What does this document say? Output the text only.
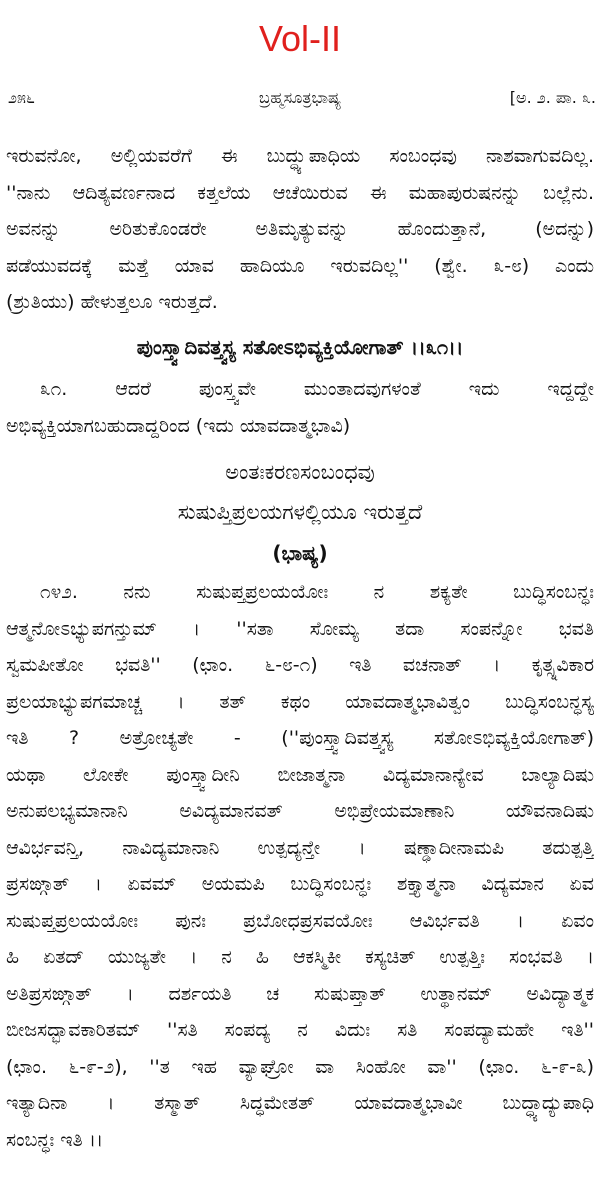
Vol-II
೨೫೬	ಬ್ರಹ್ಮಸೂತ್ರಭಾಷ್ಯ	[ಅ. ೨. ಪಾ. ೩.
ಇರುವನೋ, ಅಲ್ಲಿಯವರೆಗೆ ಈ ಬುದ್ಧ್ಯುಪಾಧಿಯ ಸಂಬಂಧವು ನಾಶವಾಗುವದಿಲ್ಲ.
''ನಾನು ಆದಿತ್ಯವರ್ಣನಾದ ಕತ್ತಲೆಯ ಆಚೆಯಿರುವ ಈ ಮಹಾಪುರುಷನನ್ನು ಬಲ್ಲೆನು.
ಅವನನ್ನು ಅರಿತುಕೊಂಡರೇ ಅತಿಮೃತ್ಯುವನ್ನು ಹೊಂದುತ್ತಾನೆ, (ಅದನ್ನು)
ಪಡೆಯುವದಕ್ಕೆ ಮತ್ತೆ ಯಾವ ಹಾದಿಯೂ ಇರುವದಿಲ್ಲ'' (ಶ್ವೇ. ೩-೮) ಎಂದು
(ಶ್ರುತಿಯು) ಹೇಳುತ್ತಲೂ ಇರುತ್ತದೆ.
ಪುಂಸ್ತ್ವಾದಿವತ್ತ್ವಸ್ಯ ಸತೋಽಭಿವ್ಯಕ್ತಿಯೋಗಾತ್ ।।೩೧।।
೩೧. ಆದರೆ ಪುಂಸ್ತ್ವವೇ ಮುಂತಾದವುಗಳಂತೆ ಇದು ಇದ್ದದ್ದೇ
ಅಭಿವ್ಯಕ್ತಿಯಾಗಬಹುದಾದ್ದರಿಂದ (ಇದು ಯಾವದಾತ್ಮಭಾವಿ)
ಅಂತಃಕರಣಸಂಬಂಧವು
ಸುಷುಪ್ತಿಪ್ರಲಯಗಳಲ್ಲಿಯೂ ಇರುತ್ತದೆ
(ಭಾಷ್ಯ)
೧೪೨. ನನು ಸುಷುಪ್ತಪ್ರಲಯಯೋಃ ನ ಶಕ್ಯತೇ ಬುದ್ಧಿಸಂಬನ್ಧಃ
ಆತ್ಮನೋಽಭ್ಯುಪಗನ್ತುಮ್ । ''ಸತಾ ಸೋಮ್ಯ ತದಾ ಸಂಪನ್ನೋ ಭವತಿ
ಸ್ವಮಪೀತೋ ಭವತಿ'' (ಛಾಂ. ೬-೮-೧) ಇತಿ ವಚನಾತ್ । ಕೃತ್ಸ್ನವಿಕಾರ
ಪ್ರಲಯಾಭ್ಯುಪಗಮಾಚ್ಚ । ತತ್ ಕಥಂ ಯಾವದಾತ್ಮಭಾವಿತ್ವಂ ಬುದ್ಧಿಸಂಬನ್ಧಸ್ಯ
ಇತಿ ? ಅತ್ರೋಚ್ಯತೇ - (''ಪುಂಸ್ತ್ವಾದಿವತ್ತ್ವಸ್ಯ ಸತೋಽಭಿವ್ಯಕ್ತಿಯೋಗಾತ್)
ಯಥಾ ಲೋಕೇ ಪುಂಸ್ತ್ವಾದೀನಿ ಬೀಜಾತ್ಮನಾ ವಿದ್ಯಮಾನಾನ್ಯೇವ ಬಾಲ್ಯಾದಿಷು
ಅನುಪಲಭ್ಯಮಾನಾನಿ ಅವಿದ್ಯಮಾನವತ್ ಅಭಿಪ್ರೇಯಮಾಣಾನಿ ಯೌವನಾದಿಷು
ಆವಿರ್ಭವನ್ತಿ, ನಾವಿದ್ಯಮಾನಾನಿ ಉತ್ಪದ್ಯನ್ತೇ । ಷಣ್ಢಾದೀನಾಮಪಿ ತದುತ್ಪತ್ತಿ
ಪ್ರಸಙ್ಗಾತ್ । ಏವಮ್ ಅಯಮಪಿ ಬುದ್ಧಿಸಂಬನ್ಧಃ ಶಕ್ತ್ಯಾತ್ಮನಾ ವಿದ್ಯಮಾನ ಏವ
ಸುಷುಪ್ತಪ್ರಲಯಯೋಃ ಪುನಃ ಪ್ರಬೋಧಪ್ರಸವಯೋಃ ಆವಿರ್ಭವತಿ । ಏವಂ
ಹಿ ಏತದ್ ಯುಜ್ಯತೇ । ನ ಹಿ ಆಕಸ್ಮಿಕೀ ಕಸ್ಯಚಿತ್ ಉತ್ಪತ್ತಿಃ ಸಂಭವತಿ ।
ಅತಿಪ್ರಸಙ್ಗಾತ್ । ದರ್ಶಯತಿ ಚ ಸುಷುಪ್ತಾತ್ ಉತ್ಥಾನಮ್ ಅವಿದ್ಯಾತ್ಮಕ
ಬೀಜಸದ್ಭಾವಕಾರಿತಮ್ ''ಸತಿ ಸಂಪದ್ಯ ನ ವಿದುಃ ಸತಿ ಸಂಪದ್ಯಾಮಹೇ ಇತಿ''
(ಛಾಂ. ೬-೯-೨), ''ತ ಇಹ ವ್ಯಾಘ್ರೋ ವಾ ಸಿಂಹೋ ವಾ'' (ಛಾಂ. ೬-೯-೩)
ಇತ್ಯಾದಿನಾ । ತಸ್ಮಾತ್ ಸಿದ್ಧಮೇತತ್ ಯಾವದಾತ್ಮಭಾವೀ ಬುದ್ಧ್ಯಾದ್ಯುಪಾಧಿ
ಸಂಬನ್ಧಃ ಇತಿ ।।
